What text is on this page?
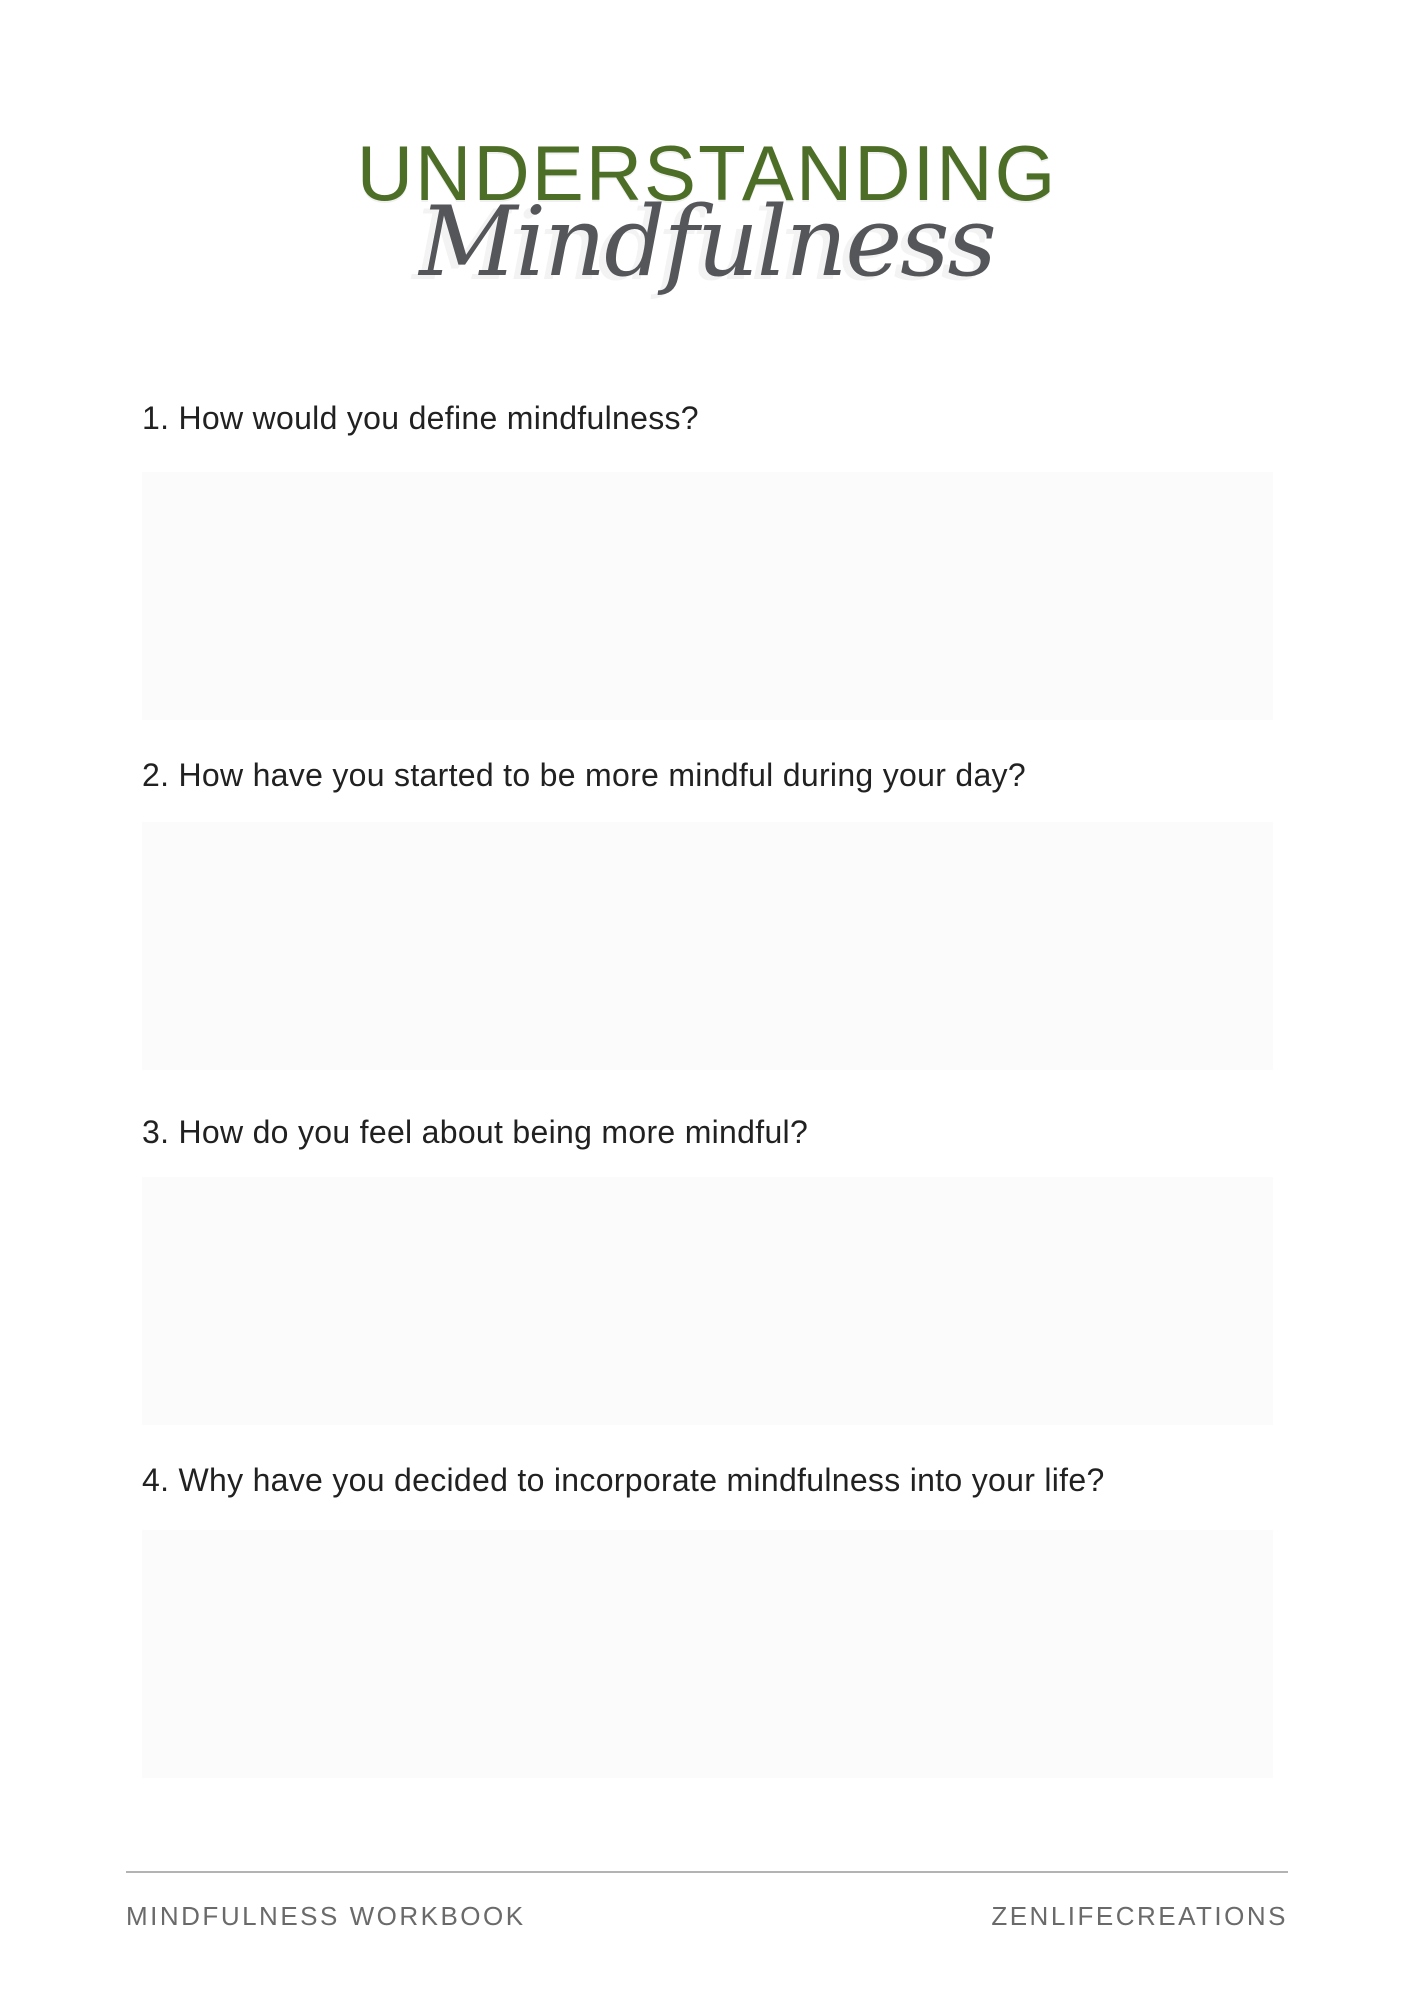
UNDERSTANDING
Mindfulness
1. How would you define mindfulness?
2. How have you started to be more mindful during your day?
3. How do you feel about being more mindful?
4. Why have you decided to incorporate mindfulness into your life?
MINDFULNESS WORKBOOK	ZENLIFECREATIONS
